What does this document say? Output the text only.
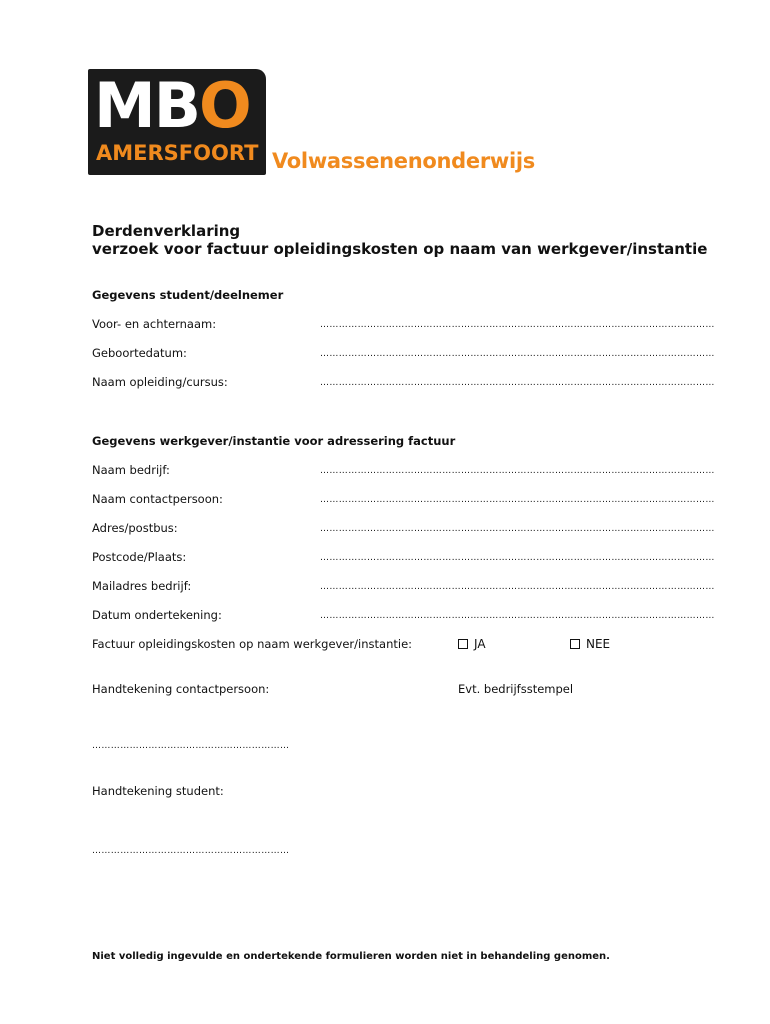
MBO
AMERSFOORT Volwassenenonderwijs
Derdenverklaring
verzoek voor factuur opleidingskosten op naam van werkgever/instantie
Gegevens student/deelnemer
Voor- en achternaam:	………………………………………………………………………………………………………………
Geboortedatum:	………………………………………………………………………………………………………………
Naam opleiding/cursus:	………………………………………………………………………………………………………………
Gegevens werkgever/instantie voor adressering factuur
Naam bedrijf:	………………………………………………………………………………………………………………
Naam contactpersoon:	………………………………………………………………………………………………………………
Adres/postbus:	………………………………………………………………………………………………………………
Postcode/Plaats:	………………………………………………………………………………………………………………
Mailadres bedrijf:	………………………………………………………………………………………………………………
Datum ondertekening:	………………………………………………………………………………………………………………
Factuur opleidingskosten op naam werkgever/instantie:	JA	NEE
Handtekening contactpersoon:	Evt. bedrijfsstempel
………………………………………………………
Handtekening student:
………………………………………………………
Niet volledig ingevulde en ondertekende formulieren worden niet in behandeling genomen.
